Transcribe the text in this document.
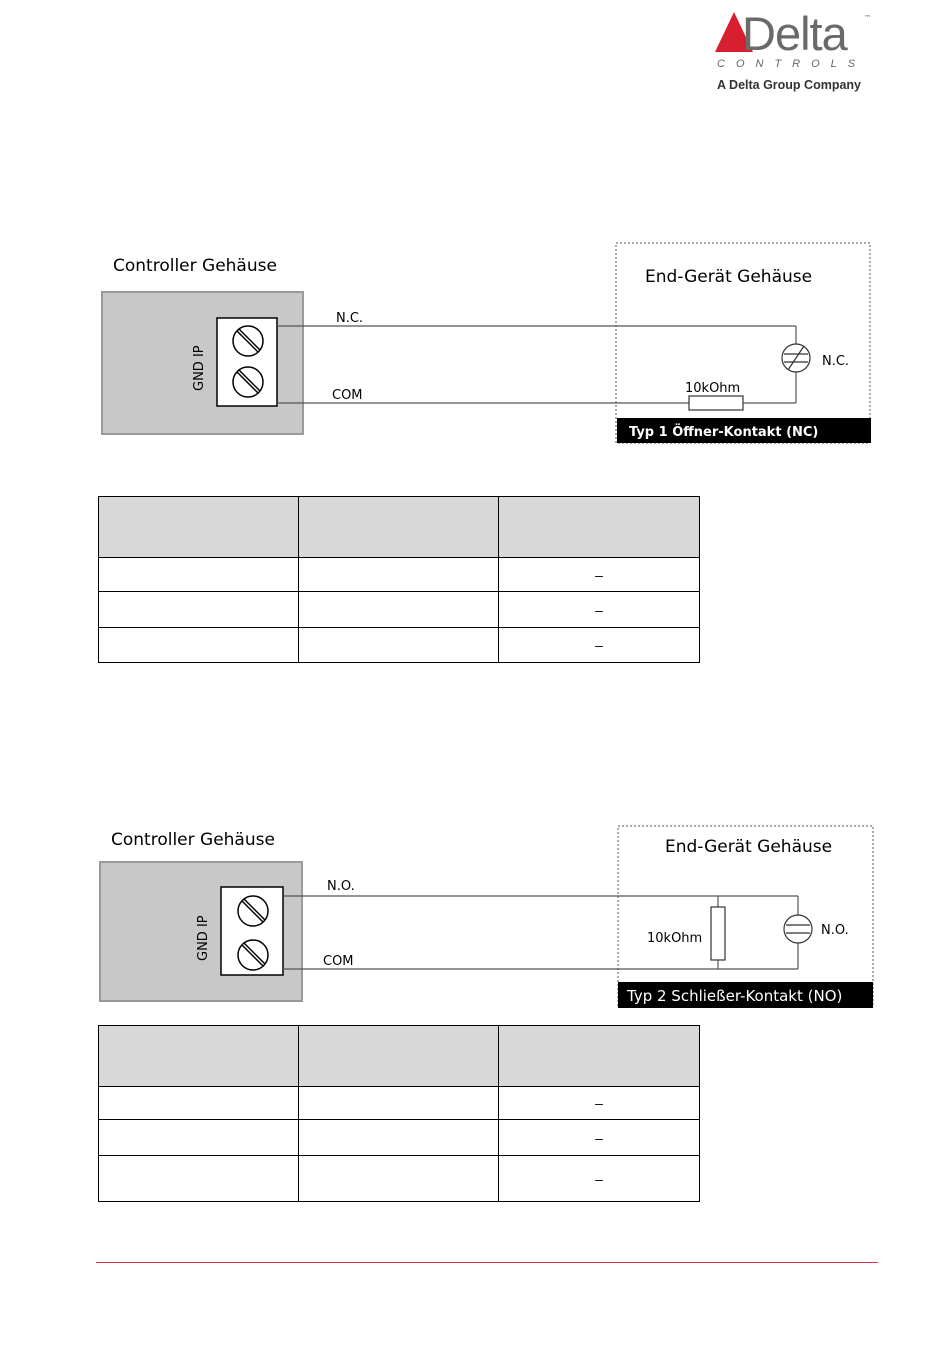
Delta ™
CONTROLS
A Delta Group Company
Controller Gehäuse
GND IP
End-Gerät Gehäuse
N.C.
COM	10kOhm
N.C.
Typ 1 Öffner-Kontakt (NC)

		–
		–
		–
Controller Gehäuse
GND IP
End-Gerät Gehäuse
N.O.
COM
10kOhm
N.O.
Typ 2 Schließer-Kontakt (NO)

		–
		–
		–
